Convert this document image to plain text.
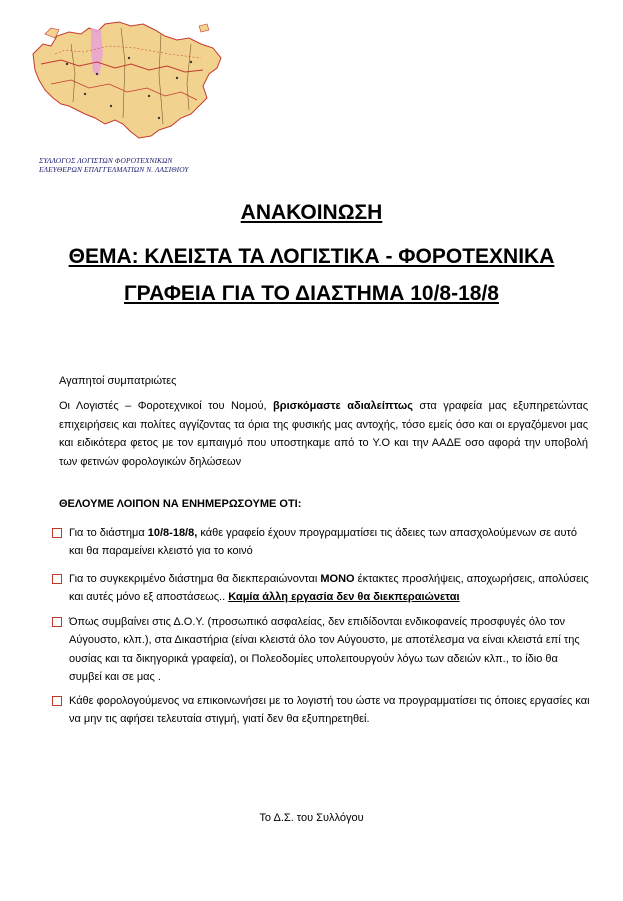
ΣΥΛΛΟΓΟΣ ΛΟΓΙΣΤΩΝ ΦΟΡΟΤΕΧΝΙΚΩΝ
ΕΛΕΥΘΕΡΩΝ ΕΠΑΓΓΕΛΜΑΤΙΩΝ Ν. ΛΑΣΙΘΙΟΥ
ΑΝΑΚΟΙΝΩΣΗ
ΘΕΜΑ: ΚΛΕΙΣΤΑ ΤΑ ΛΟΓΙΣΤΙΚΑ - ΦΟΡΟΤΕΧΝΙΚΑ
ΓΡΑΦΕΙΑ ΓΙΑ ΤΟ ΔΙΑΣΤΗΜΑ 10/8-18/8
Αγαπητοί συμπατριώτες
Οι Λογιστές – Φοροτεχνικοί του Νομού, βρισκόμαστε αδιαλείπτως στα γραφεία μας εξυπηρετώντας επιχειρήσεις και πολίτες αγγίζοντας τα όρια της φυσικής μας αντοχής, τόσο εμείς όσο και οι εργαζόμενοι μας και ειδικότερα φετος με τον εμπαιγμό που υποστηκαμε από το Υ.Ο και την ΑΑΔΕ οσο αφορά την υποβολή των φετινών φορολογικών δηλώσεων
ΘΕΛΟΥΜΕ ΛΟΙΠΟΝ ΝΑ ΕΝΗΜΕΡΩΣΟΥΜΕ ΟΤΙ:
Για το διάστημα 10/8-18/8, κάθε γραφείο έχουν προγραμματίσει τις άδειες των απασχολούμενων σε αυτό και θα παραμείνει κλειστό για το κοινό
Για το συγκεκριμένο διάστημα θα διεκπεραιώνονται ΜΟΝΟ έκτακτες προσλήψεις, αποχωρήσεις, απολύσεις και αυτές μόνο εξ αποστάσεως.. Καμία άλλη εργασία δεν θα διεκπεραιώνεται
Όπως συμβαίνει στις Δ.Ο.Υ. (προσωπικό ασφαλείας, δεν επιδίδονται ενδικοφανείς προσφυγές όλο τον Αύγουστο, κλπ.), στα Δικαστήρια (είναι κλειστά όλο τον Αύγουστο, με αποτέλεσμα να είναι κλειστά επί της ουσίας και τα δικηγορικά γραφεία), οι Πολεοδομίες υπολειτουργούν λόγω των αδειών κλπ., το ίδιο θα συμβεί και σε μας .
Κάθε φορολογούμενος να επικοινωνήσει με το λογιστή του ώστε να προγραμματίσει τις όποιες εργασίες και να μην τις αφήσει τελευταία στιγμή, γιατί δεν θα εξυπηρετηθεί.
Το Δ.Σ. του Συλλόγου
